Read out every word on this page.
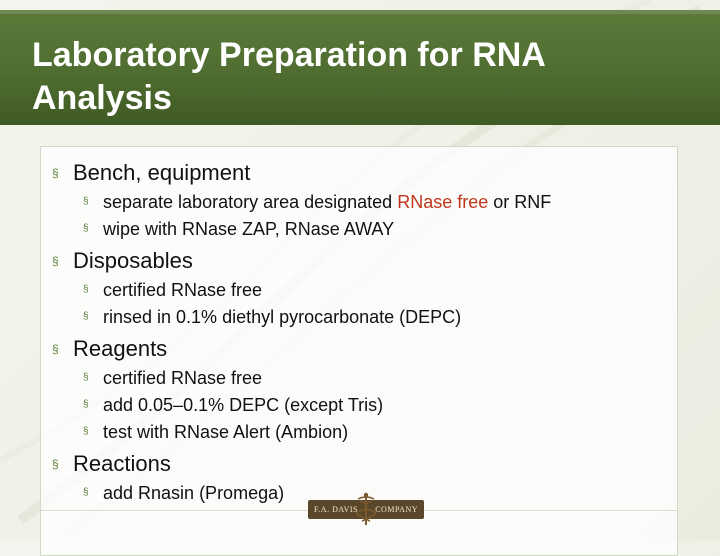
Laboratory Preparation for RNA Analysis
§ Bench, equipment
§ separate laboratory area designated RNase free or RNF
§ wipe with RNase ZAP, RNase AWAY
§ Disposables
§ certified RNase free
§ rinsed in 0.1% diethyl pyrocarbonate (DEPC)
§ Reagents
§ certified RNase free
§ add 0.05–0.1% DEPC (except Tris)
§ test with RNase Alert (Ambion)
§ Reactions
§ add Rnasin (Promega)
F.A. DAVIS COMPANY
